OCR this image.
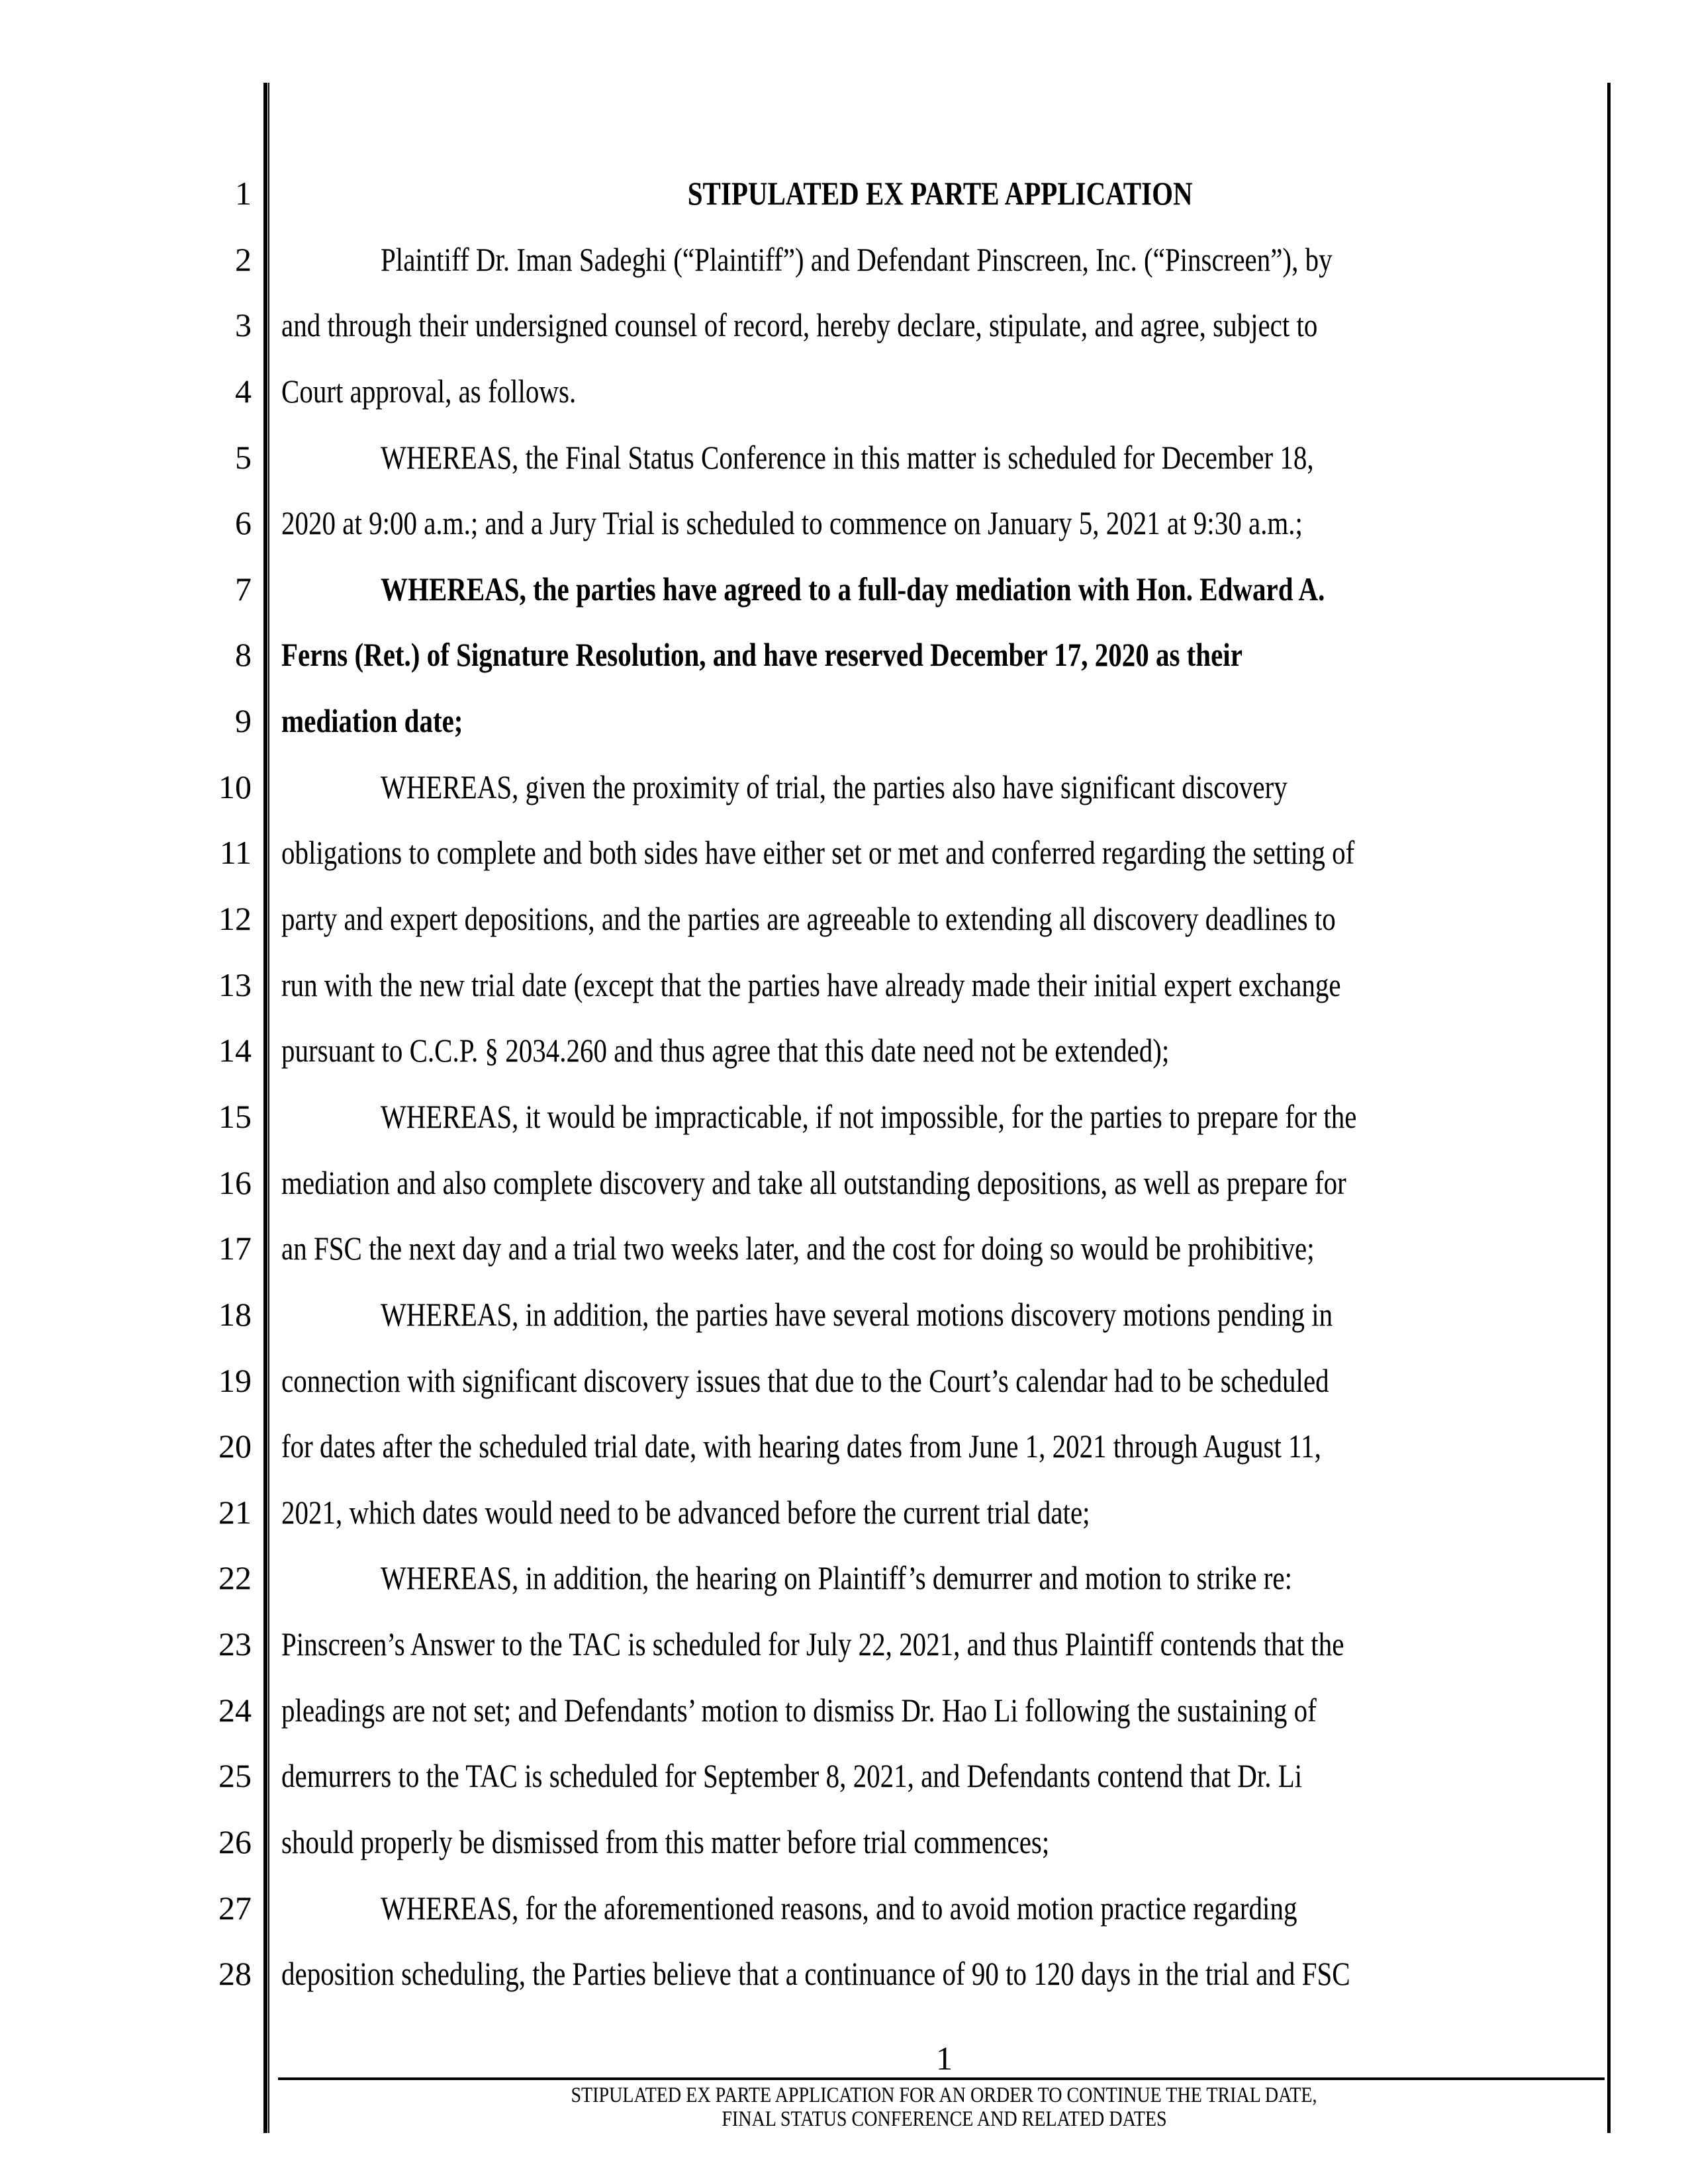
1
2
3
4
5
6
7
8
9
10
11
12
13
14
15
16
17
18
19
20
21
22
23
24
25
26
27
28
STIPULATED EX PARTE APPLICATION
Plaintiff Dr. Iman Sadeghi (“Plaintiff”) and Defendant Pinscreen, Inc. (“Pinscreen”), by
and through their undersigned counsel of record, hereby declare, stipulate, and agree, subject to
Court approval, as follows.
WHEREAS, the Final Status Conference in this matter is scheduled for December 18,
2020 at 9:00 a.m.; and a Jury Trial is scheduled to commence on January 5, 2021 at 9:30 a.m.;
WHEREAS, the parties have agreed to a full-day mediation with Hon. Edward A.
Ferns (Ret.) of Signature Resolution, and have reserved December 17, 2020 as their
mediation date;
WHEREAS, given the proximity of trial, the parties also have significant discovery
obligations to complete and both sides have either set or met and conferred regarding the setting of
party and expert depositions, and the parties are agreeable to extending all discovery deadlines to
run with the new trial date (except that the parties have already made their initial expert exchange
pursuant to C.C.P. § 2034.260 and thus agree that this date need not be extended);
WHEREAS, it would be impracticable, if not impossible, for the parties to prepare for the
mediation and also complete discovery and take all outstanding depositions, as well as prepare for
an FSC the next day and a trial two weeks later, and the cost for doing so would be prohibitive;
WHEREAS, in addition, the parties have several motions discovery motions pending in
connection with significant discovery issues that due to the Court’s calendar had to be scheduled
for dates after the scheduled trial date, with hearing dates from June 1, 2021 through August 11,
2021, which dates would need to be advanced before the current trial date;
WHEREAS, in addition, the hearing on Plaintiff’s demurrer and motion to strike re:
Pinscreen’s Answer to the TAC is scheduled for July 22, 2021, and thus Plaintiff contends that the
pleadings are not set; and Defendants’ motion to dismiss Dr. Hao Li following the sustaining of
demurrers to the TAC is scheduled for September 8, 2021, and Defendants contend that Dr. Li
should properly be dismissed from this matter before trial commences;
WHEREAS, for the aforementioned reasons, and to avoid motion practice regarding
deposition scheduling, the Parties believe that a continuance of 90 to 120 days in the trial and FSC
1
STIPULATED EX PARTE APPLICATION FOR AN ORDER TO CONTINUE THE TRIAL DATE,
FINAL STATUS CONFERENCE AND RELATED DATES
